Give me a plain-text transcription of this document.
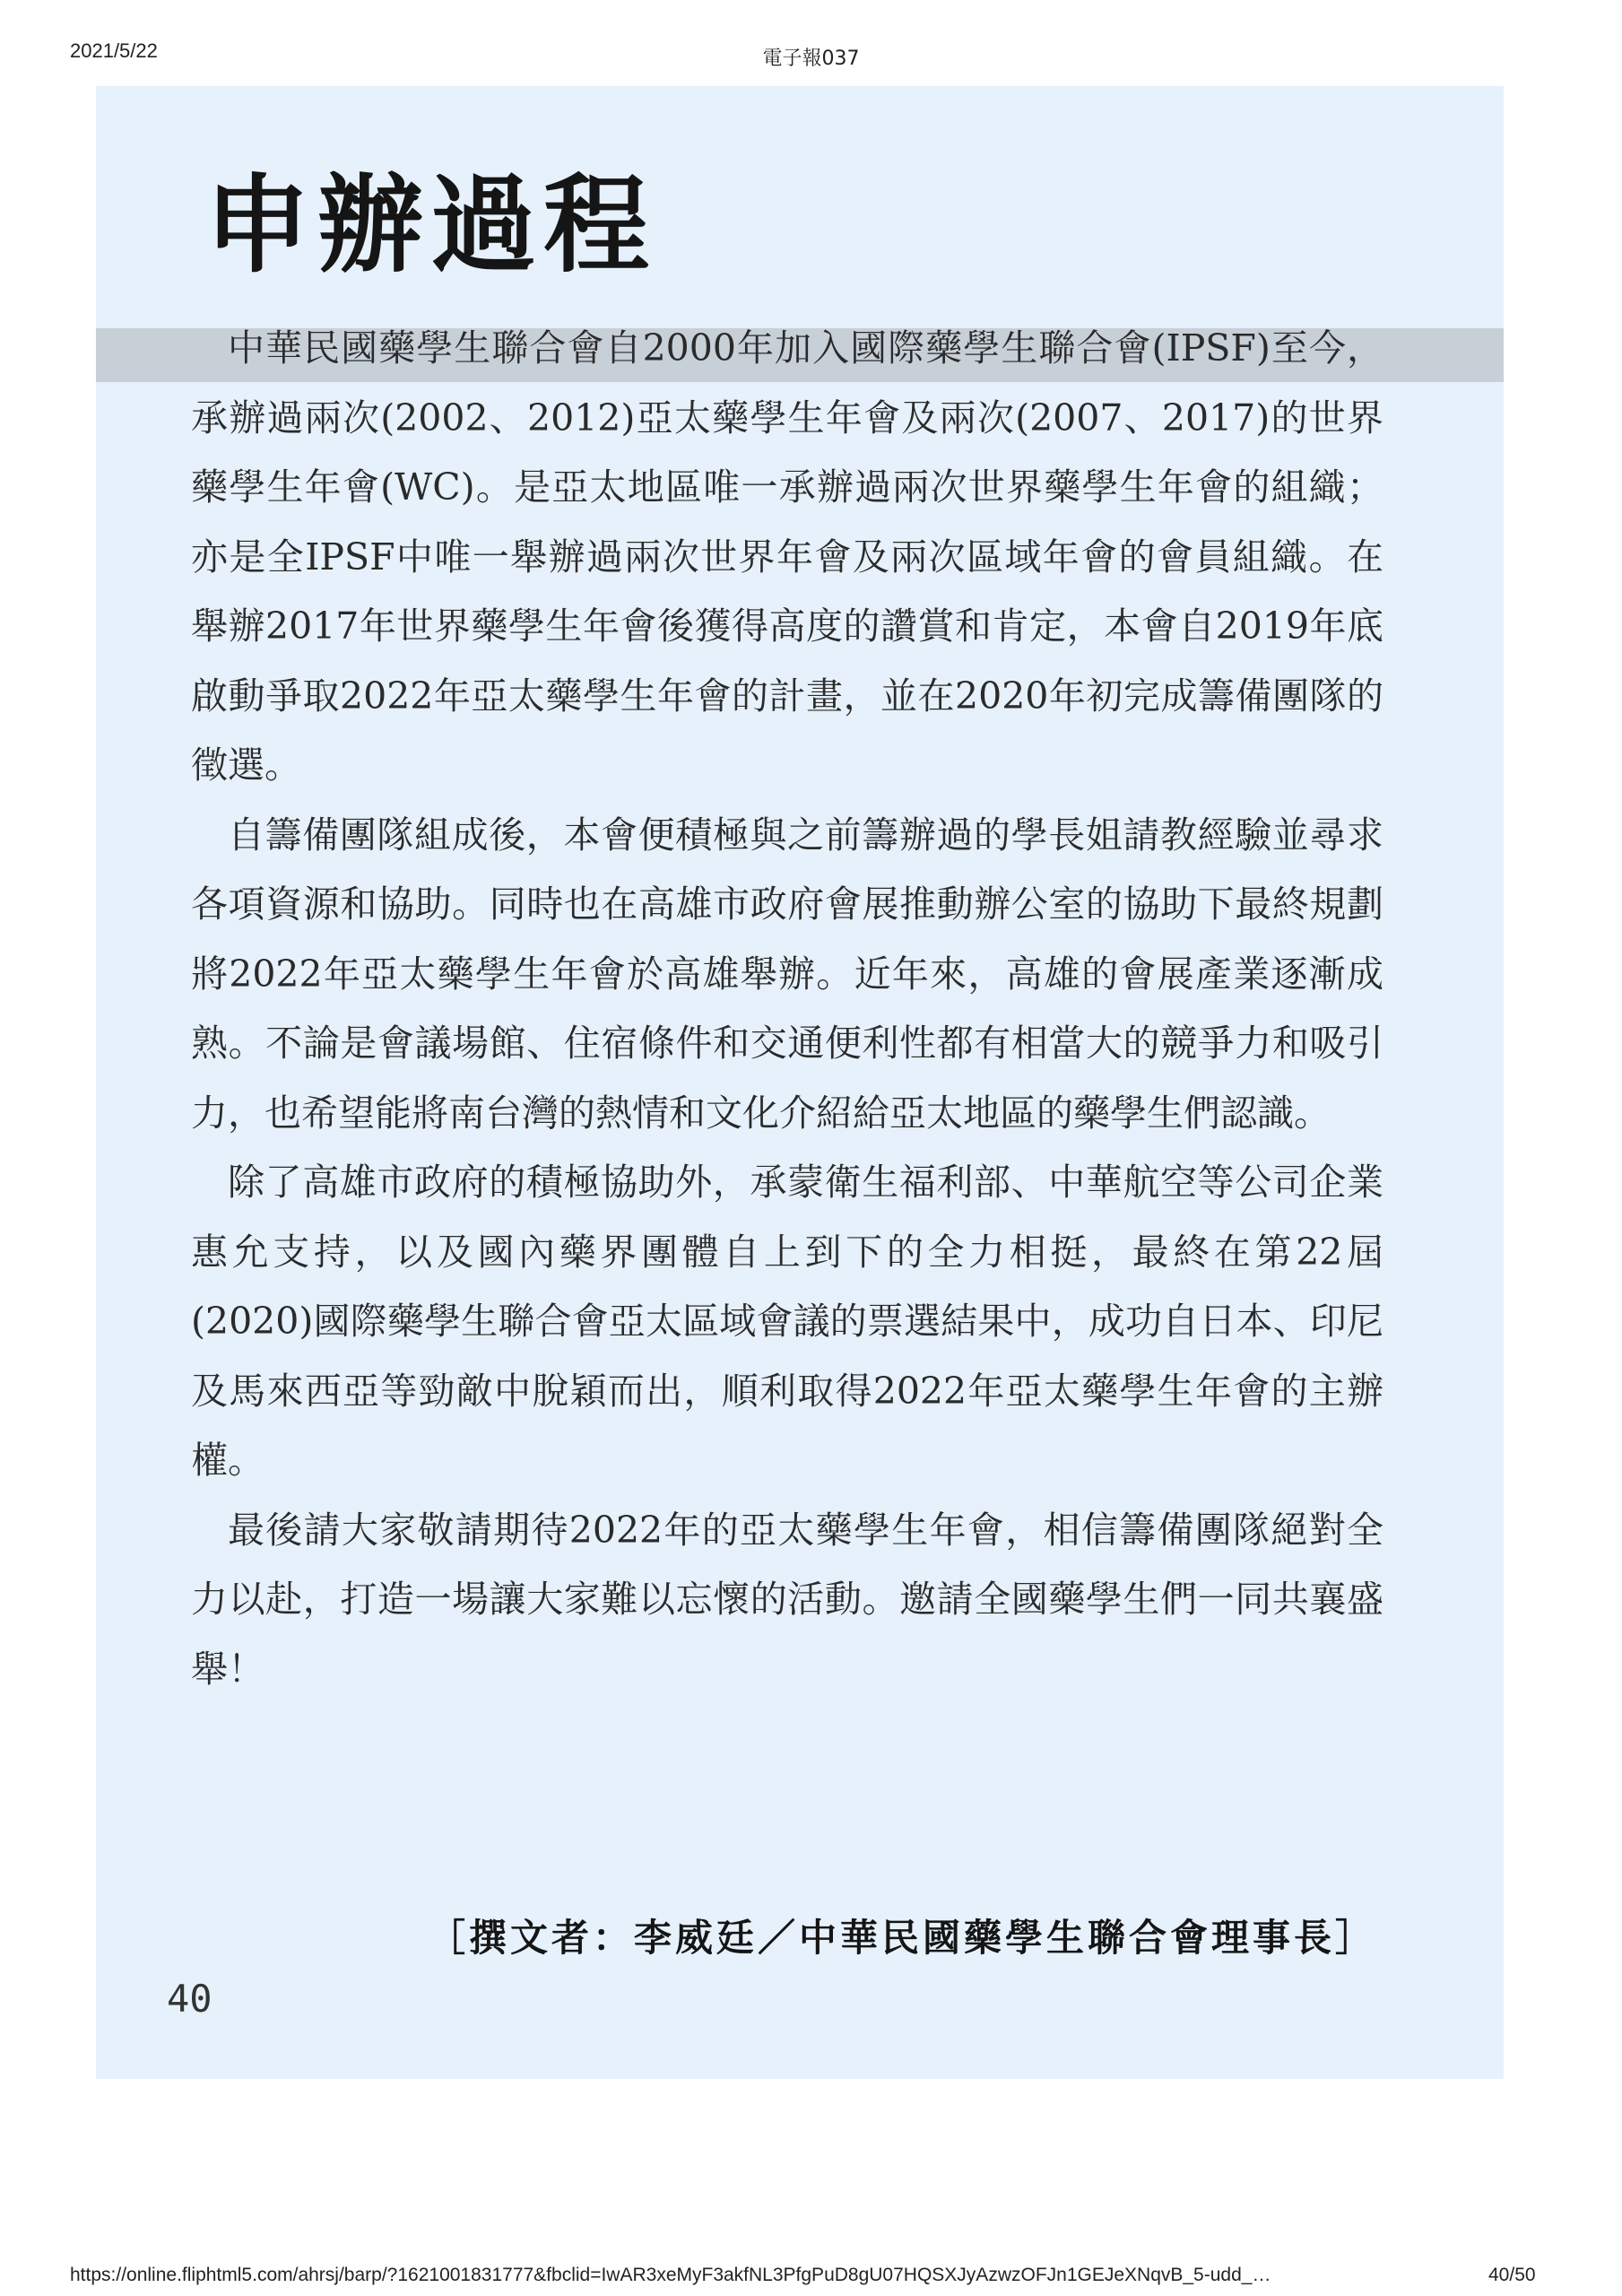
2021/5/22	電子報037
申辦過程

中華民國藥學生聯合會自2000年加入國際藥學生聯合會(IPSF)至今，承辦過兩次(2002、2012)亞太藥學生年會及兩次(2007、2017)的世界藥學生年會(WC)。是亞太地區唯一承辦過兩次世界藥學生年會的組織；亦是全IPSF中唯一舉辦過兩次世界年會及兩次區域年會的會員組織。在舉辦2017年世界藥學生年會後獲得高度的讚賞和肯定，本會自2019年底啟動爭取2022年亞太藥學生年會的計畫，並在2020年初完成籌備團隊的徵選。

自籌備團隊組成後，本會便積極與之前籌辦過的學長姐請教經驗並尋求各項資源和協助。同時也在高雄市政府會展推動辦公室的協助下最終規劃將2022年亞太藥學生年會於高雄舉辦。近年來，高雄的會展產業逐漸成熟。不論是會議場館、住宿條件和交通便利性都有相當大的競爭力和吸引力，也希望能將南台灣的熱情和文化介紹給亞太地區的藥學生們認識。

除了高雄市政府的積極協助外，承蒙衛生福利部、中華航空等公司企業惠允支持，以及國內藥界團體自上到下的全力相挺，最終在第22屆(2020)國際藥學生聯合會亞太區域會議的票選結果中，成功自日本、印尼及馬來西亞等勁敵中脫穎而出，順利取得2022年亞太藥學生年會的主辦權。

最後請大家敬請期待2022年的亞太藥學生年會，相信籌備團隊絕對全力以赴，打造一場讓大家難以忘懷的活動。邀請全國藥學生們一同共襄盛舉！

［撰文者：李威廷／中華民國藥學生聯合會理事長］
40
https://online.fliphtml5.com/ahrsj/barp/?1621001831777&fbclid=IwAR3xeMyF3akfNL3PfgPuD8gU07HQSXJyAzwzOFJn1GEJeXNqvB_5-udd_…	40/50
